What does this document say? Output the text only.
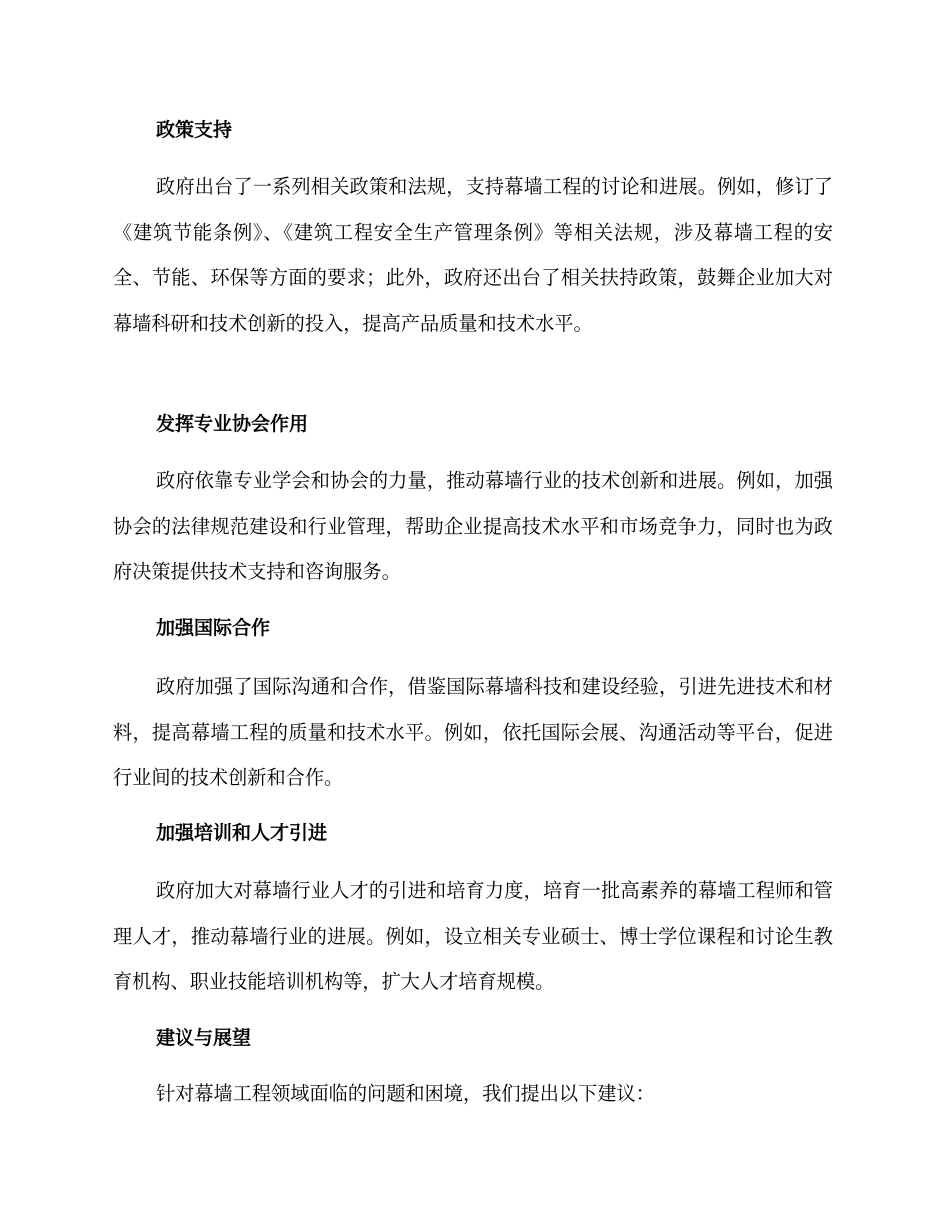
政策支持
政府出台了一系列相关政策和法规，支持幕墙工程的讨论和进展。例如，修订了《建筑节能条例》、《建筑工程安全生产管理条例》等相关法规，涉及幕墙工程的安全、节能、环保等方面的要求；此外，政府还出台了相关扶持政策，鼓舞企业加大对幕墙科研和技术创新的投入，提高产品质量和技术水平。
发挥专业协会作用
政府依靠专业学会和协会的力量，推动幕墙行业的技术创新和进展。例如，加强协会的法律规范建设和行业管理，帮助企业提高技术水平和市场竞争力，同时也为政府决策提供技术支持和咨询服务。
加强国际合作
政府加强了国际沟通和合作，借鉴国际幕墙科技和建设经验，引进先进技术和材料，提高幕墙工程的质量和技术水平。例如，依托国际会展、沟通活动等平台，促进行业间的技术创新和合作。
加强培训和人才引进
政府加大对幕墙行业人才的引进和培育力度，培育一批高素养的幕墙工程师和管理人才，推动幕墙行业的进展。例如，设立相关专业硕士、博士学位课程和讨论生教育机构、职业技能培训机构等，扩大人才培育规模。
建议与展望
针对幕墙工程领域面临的问题和困境，我们提出以下建议：
